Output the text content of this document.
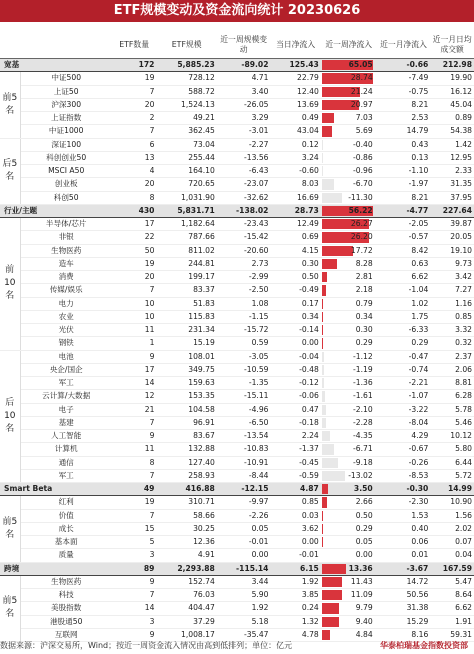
ETF规模变动及资金流向统计 20230626
		ETF数量	ETF规模	近一周规模变动	当日净流入	近一周净流入	近一月净流入	近一月日均成交额
宽基		172	5,885.23	-89.02	125.43	65.05	-0.66	212.98
前5名	中证500	19	728.12	4.71	22.79	28.74	-7.49	19.90
	上证50	7	588.72	3.40	12.40	21.24	-0.75	16.12
	沪深300	20	1,524.13	-26.05	13.69	20.97	8.21	45.04
	上证指数	2	49.21	3.29	0.49	7.03	2.53	0.89
	中证1000	7	362.45	-3.01	43.04	5.69	14.79	54.38
后5名	深证100	6	73.04	-2.27	0.12	-0.40	0.43	1.42
	科创创业50	13	255.44	-13.56	3.24	-0.86	0.13	12.95
	MSCI A50	4	164.10	-6.43	-0.60	-0.96	-1.10	2.33
	创业板	20	720.65	-23.07	8.03	-6.70	-1.97	31.35
	科创50	8	1,031.90	-32.62	16.69	-11.30	8.21	37.95
行业/主题		430	5,831.71	-138.02	28.73	56.22	-4.77	227.64
前10名	半导体/芯片	17	1,182.64	-23.43	12.49	26.27	-2.05	39.87
	非银	22	787.66	-15.42	0.69	26.20	-0.57	20.05
	生物医药	50	811.02	-20.60	4.15	17.72	8.42	19.10
	造车	19	244.81	2.73	0.30	8.28	0.63	9.73
	消费	20	199.17	-2.99	0.50	2.81	6.62	3.42
	传媒/娱乐	7	83.37	-2.50	-0.49	2.18	-1.04	7.27
	电力	10	51.83	1.08	0.17	0.79	1.02	1.16
	农业	10	115.83	-1.15	0.34	0.34	1.75	0.85
	光伏	11	231.34	-15.72	-0.14	0.30	-6.33	3.32
	钢铁	1	15.19	0.59	0.00	0.29	0.29	0.32
后10名	电池	9	108.01	-3.05	-0.04	-1.12	-0.47	2.37
	央企/国企	17	349.75	-10.59	-0.48	-1.19	-0.74	2.06
	军工	14	159.63	-1.35	-0.12	-1.36	-2.21	8.81
	云计算/大数据	12	153.35	-15.11	-0.06	-1.61	-1.07	6.28
	电子	21	104.58	-4.96	0.47	-2.10	-3.22	5.78
	基建	7	96.91	-6.50	-0.18	-2.28	-8.04	5.46
	人工智能	9	83.67	-13.54	2.24	-4.35	4.29	10.12
	计算机	11	132.88	-10.83	-1.37	-6.71	-0.67	5.80
	通信	8	127.40	-10.91	-0.45	-9.18	-0.26	6.44
	军工	7	258.93	-8.44	-0.59	-13.02	-8.53	5.72
Smart Beta		49	416.88	-12.15	4.87	3.50	-0.30	14.99
前5名	红利	19	310.71	-9.97	0.85	2.66	-2.30	10.90
	价值	7	58.66	-2.26	0.03	0.50	1.53	1.56
	成长	15	30.25	0.05	3.62	0.29	0.40	2.02
	基本面	5	12.36	-0.01	0.00	0.05	0.06	0.07
	质量	3	4.91	0.00	-0.01	0.00	0.01	0.04
跨境		89	2,293.88	-115.14	6.15	13.36	-3.67	167.59
前5名	生物医药	9	152.74	3.44	1.92	11.43	14.72	5.47
	科技	7	76.03	5.90	3.85	11.09	50.56	8.64
	美股指数	14	404.47	1.92	0.24	9.79	31.38	6.62
	港股通50	3	37.29	5.18	1.32	9.40	15.29	1.91
	互联网	9	1,008.17	-35.47	4.78	4.84	8.16	59.31
数据来源：沪深交易所，Wind；按近一周资金流入情况由高到低排列；单位：亿元	华泰柏瑞基金指数投资部
